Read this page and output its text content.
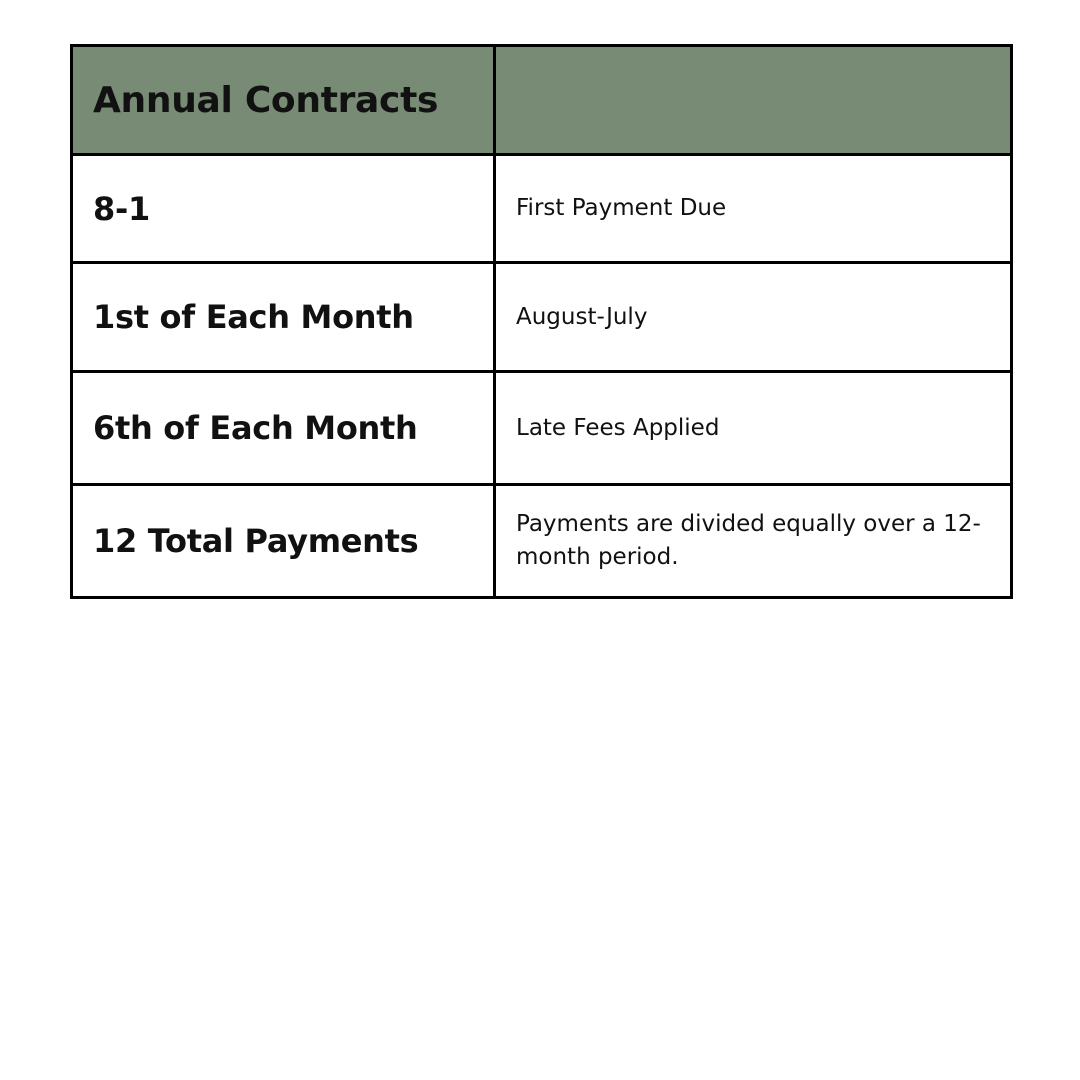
Annual Contracts	
8-1	First Payment Due
1st of Each Month	August-July
6th of Each Month	Late Fees Applied
12 Total Payments	Payments are divided equally over a 12-month period.
